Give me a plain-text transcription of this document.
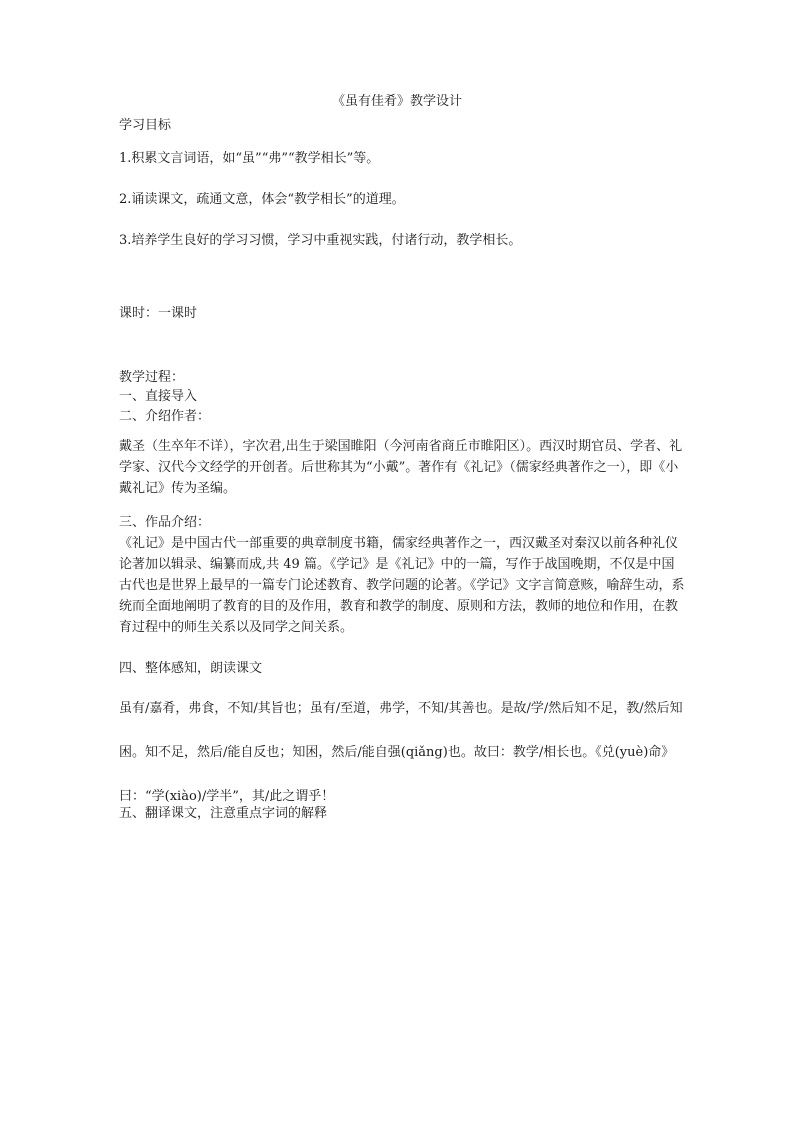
《虽有佳肴》教学设计
学习目标
1.积累文言词语，如“虽”“弗”“教学相长”等。
2.诵读课文，疏通文意，体会“教学相长”的道理。
3.培养学生良好的学习习惯，学习中重视实践，付诸行动，教学相长。
课时：一课时
教学过程：
一、直接导入
二、介绍作者：
戴圣（生卒年不详），字次君,出生于梁国睢阳（今河南省商丘市睢阳区）。西汉时期官员、学者、礼学家、汉代今文经学的开创者。后世称其为“小戴”。著作有《礼记》（儒家经典著作之一），即《小戴礼记》传为圣编。
三、作品介绍：
《礼记》是中国古代一部重要的典章制度书籍，儒家经典著作之一，西汉戴圣对秦汉以前各种礼仪论著加以辑录、编纂而成,共 49 篇。《学记》是《礼记》中的一篇，写作于战国晚期，不仅是中国古代也是世界上最早的一篇专门论述教育、教学问题的论著。《学记》文字言简意赅，喻辞生动，系统而全面地阐明了教育的目的及作用，教育和教学的制度、原则和方法，教师的地位和作用，在教育过程中的师生关系以及同学之间关系。
四、整体感知，朗读课文
虽有/嘉肴，弗食，不知/其旨也；虽有/至道，弗学，不知/其善也。是故/学/然后知不足，教/然后知困。知不足，然后/能自反也；知困，然后/能自强(qiǎng)也。故曰：教学/相长也。《兑(yuè)命》曰：“学(xiào)/学半”，其/此之谓乎！
五、翻译课文，注意重点字词的解释
